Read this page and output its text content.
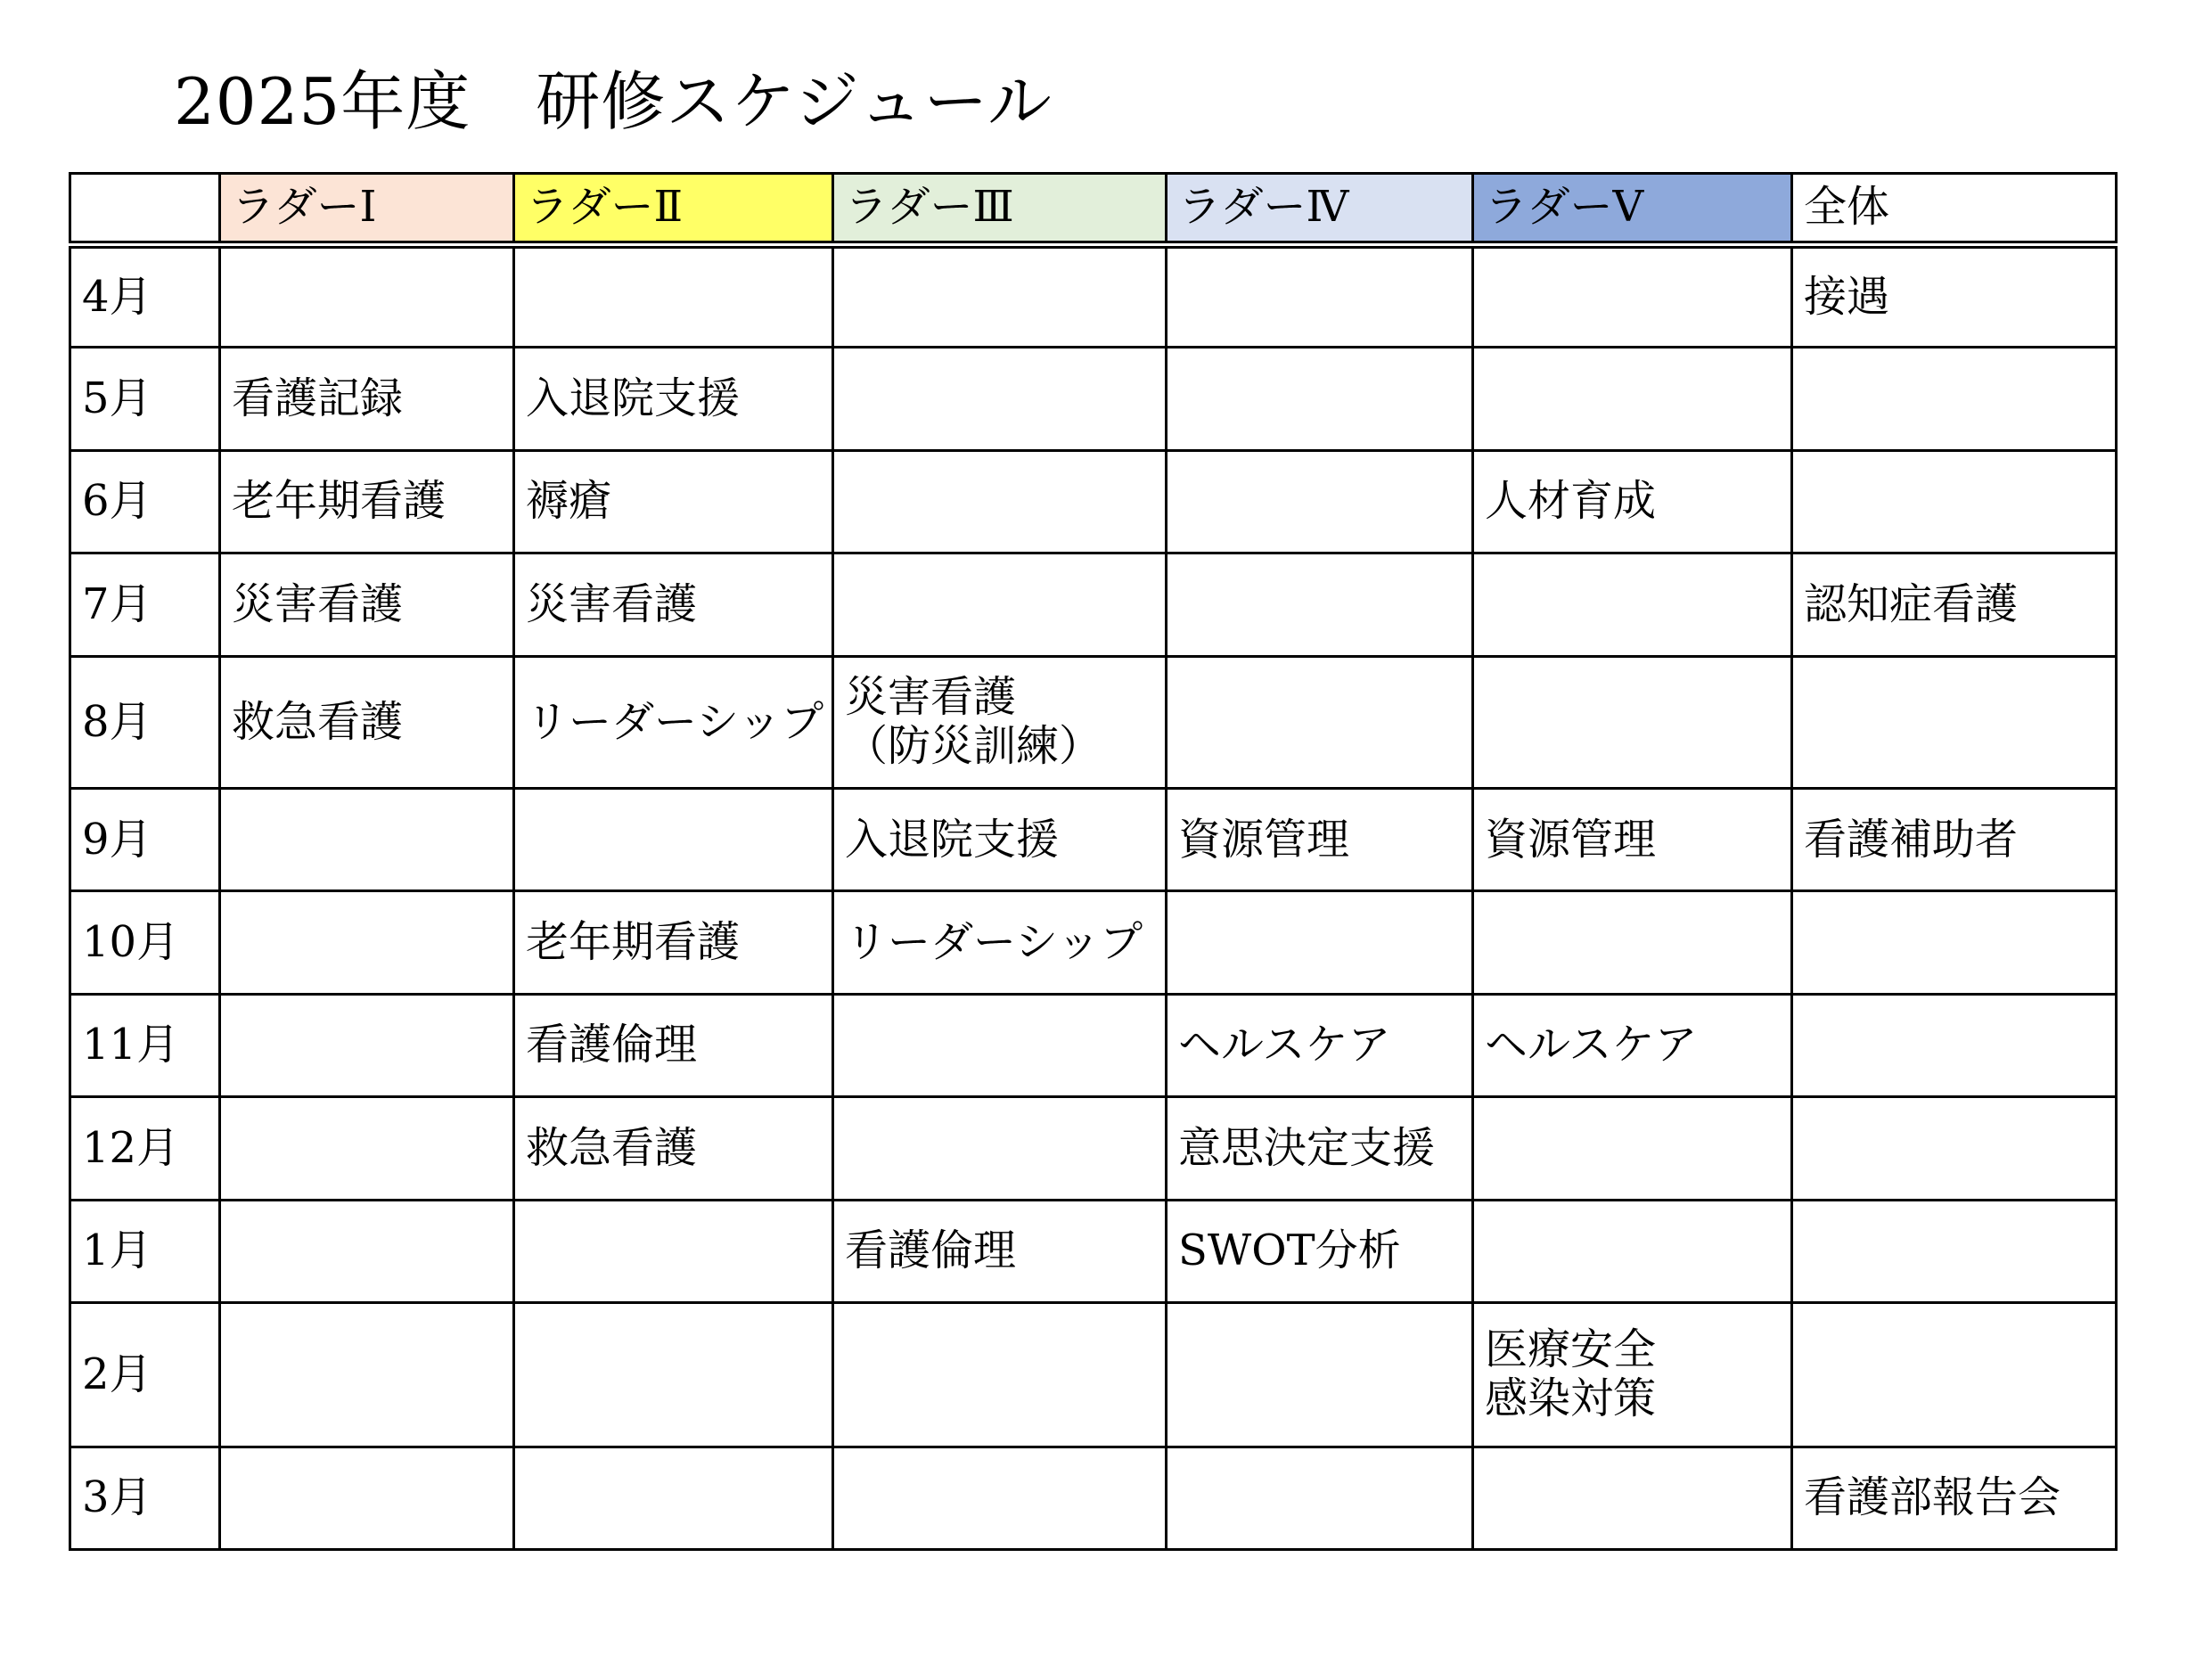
2025年度　研修スケジュール
	ラダーⅠ	ラダーⅡ	ラダーⅢ	ラダーⅣ	ラダーⅤ	全体
4月						接遇
5月	看護記録	入退院支援				
6月	老年期看護	褥瘡			人材育成	
7月	災害看護	災害看護				認知症看護
8月	救急看護	リーダーシップ	災害看護
（防災訓練）			
9月			入退院支援	資源管理	資源管理	看護補助者
10月		老年期看護	リーダーシップ			
11月		看護倫理		ヘルスケア	ヘルスケア	
12月		救急看護		意思決定支援		
1月			看護倫理	SWOT分析		
2月					医療安全
感染対策	
3月						看護部報告会
